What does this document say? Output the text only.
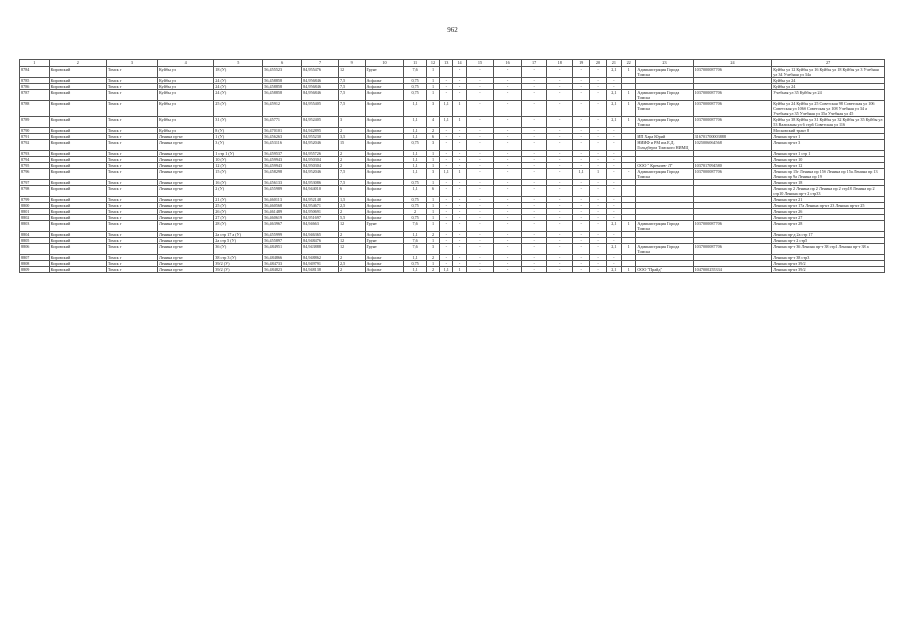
962
1	2	3	4	5	6	7	9	10	11	12	13	14	15	16	17	18	19	20	21	22	23	24	27
8784	Кировский	Томск г	Куйбы ул	18 (У)	56,455523	84,955476	12	Грунт	7,6	1		-	-	-	-	-	-	-	2,1	1	Администрация Города Томска	1037000087706	Куйбы ул 12 Куйбы ул 16 Куйбы ул 18 Куйбы ул 3 Учебная ул 34 Учебная ул 34а
8785	Кировский	Томск г	Куйбы ул	24 (У)	56,458858	84,956846	7,5	Асфальт	0,75	1	-	-	-	-	-	-	-	-	-				Куйбы ул 24
8786	Кировский	Томск г	Куйбы ул	24 (У)	56,458858	84,956846	7,5	Асфальт	0,75	1	-	-	-	-	-	-	-	-	-				Куйбы ул 24
8787	Кировский	Томск г	Куйбы ул	24 (У)	56,458858	84,956846	7,5	Асфальт	0,75	1	-	-	-	-	-	-	-	-	2,1	1	Администрация Города Томска	1037000087706	Учебная ул 35 Куйбы ул 24
8788	Кировский	Томск г	Куйбы ул	25 (У)	56,45912	84,955405	7,5	Асфальт	1,1	3	1,1	1	-	-	-	-	-	-	2,1	1	Администрация Города Томска	1037000087706	Куйбы ул 24 Куйбы ул 25 Советская 98 Советская ул 106 Советская ул 106б Советская ул 108 Учебная ул 34 а Учебная ул 35 Учебная ул 35а Учебная ул 45
8789	Кировский	Томск г	Куйбы ул	31 (У)	56,45771	84,952405	3	Асфальт	1,1	4	1,1	1	-	-	-	-	-	-	2,1	1	Администрация Города Томска	1037000087706	Куйбы ул 38 Куйбы ул 31 Куйбы ул 32 Куйбы ул 35 Куйбы ул 53 Валиханы ул 6 стр6 Советская ул 116
8790	Кировский	Томск г	Куйбы ул	8 (У)	56,470101	84,942895	2	Асфальт	1,1	2	-	-	-	-	-	-	-	-	-				Московский тракт 8
8791	Кировский	Томск г	Ленина пр-кт	1 (У)	56,456263	84,955230	3,5	Асфальт	1,1	6	-	-	-	-	-	-	-	-	-		ИП Хара Юрий	316701700003888	Ленина пр-кт 1
8792	Кировский	Томск г	Ленина пр-кт	3 (У)	56,453116	84,952046	15	Асфальт	0,75	3	-	-	-	-	-	-	-	-	-		НИИФ и РМ им.Е.Д. Гольдберга Томского НИМЦ	1025006064568	Ленина пр-кт 3
8793	Кировский	Томск г	Ленина пр-кт	1 стр 1 (У)	56,459537	84,955726	2	Асфальт	1,1	1	-	-	-	-	-	-	-	-	-				Ленина пр-кт 1 стр 1
8794	Кировский	Томск г	Ленина пр-кт	10 (У)	56,459943	84,950304	2	Асфальт	1,1	1	-	-	-	-	-	-	-	-	-				Ленина пр-кт 10
8795	Кировский	Томск г	Ленина пр-кт	12 (У)	56,459943	84,950304	2	Асфальт	1,1	1	-	-	-	-	-	-	-	-	-		ООО " Кремлев- Л"	1037017094580	Ленина пр-кт 12
8796	Кировский	Томск г	Ленина пр-кт	15 (У)	56,458298	84,952046	7,5	Асфальт	1,1	3	1,1	1	-	-	-	-	1,1	1	-	-	Администрация Города Томска	1037000087706	Ленина пр 15г Ленина пр 15б Ленина пр 15а Ленина пр 13 Ленина пр 9а Ленина пр 19
8797	Кировский	Томск г	Ленина пр-кт	16 (У)	56,456133	84,953086	7,5	Асфальт	0,75	1	-	-	-	-	-	-	-	-	-				Ленина пр-кт 18
8798	Кировский	Томск г	Ленина пр-кт	2 (У)	56,455989	84,944010	6	Асфальт	1,1	6	-	-	-	-	-	-	-	-	-				Ленина пр 2 Ленина пр 2 Ленина пр 2 стр18 Ленина пр 2 стр10 Ленина пр-т 2 стр33
8799	Кировский	Томск г	Ленина пр-кт	21 (У)	56,460113	84,952148	1,5	Асфальт	0,75	1	-	-	-	-	-	-	-	-	-				Ленина пр-кт 21
8800	Кировский	Томск г	Ленина пр-кт	25 (У)	56,460568	84,954671	2,5	Асфальт	0,75	1	-	-	-	-	-	-	-	-	-				Ленина пр-кт 17а Ленина пр-кт 23 Ленина пр-кт 25
8801	Кировский	Томск г	Ленина пр-кт	26 (У)	56,461489	84,950691	2	Асфальт	2	1	-	-	-	-	-	-	-	-	-				Ленина пр-кт 26
8802	Кировский	Томск г	Ленина пр-кт	27 (У)	56,460619	84,951697	5,5	Асфальт	0,75	1	-	-	-	-	-	-	-	-	-				Ленина пр-кт 27
8803	Кировский	Томск г	Ленина пр-кт	28 (У)	56,463967	84,94663	12	Грунт	7,6	1	-	-	-	-	-	-	-	-	2,1	1	Администрация Города Томска	1037000087706	Ленина пр-кт 28
8804	Кировский	Томск г	Ленина пр-кт	2а стр 17 а (У)	56,455999	84,946365	2	Асфальт	1,1	2	-	-	-	-	-	-	-	-	-				Ленина пр-д 2а стр 17
8805	Кировский	Томск г	Ленина пр-кт	2а стр 5 (У)	56,455897	84,948476	12	Грунт	7,6	1	-	-	-	-	-	-	-	-	-				Ленина пр-т 2 стр5
8806	Кировский	Томск г	Ленина пр-кт	36 (У)	56,484951	84,943888	12	Грунт	7,6	3	-	-	-	-	-	-	-	-	2,1	1	Администрация Города Томска	1037000087706	Ленина пр-т 36 Ленина пр-т 38 стр1 Ленина пр-т 38 а
8807	Кировский	Томск г	Ленина пр-кт	38 стр 3 (У)	56,484866	84,948862	2	Асфальт	1,1	2	-	-	-	-	-	-	-	-	-				Ленина пр-т 38 стр3
8808	Кировский	Томск г	Ленина пр-кт	39/2 (У)	56,484733	84,949791	2,5	Асфальт	0,75	1	-	-	-	-	-	-	-	-	-				Ленина пр-кт 39/2
8809	Кировский	Томск г	Ленина пр-кт	39/2 (У)	56,484823	84,948138	2	Асфальт	1,1	2	1,1	1	-	-	-	-	-	-	2,1	1	ООО "Прайд"	1047000255334	Ленина пр-кт 39/2
